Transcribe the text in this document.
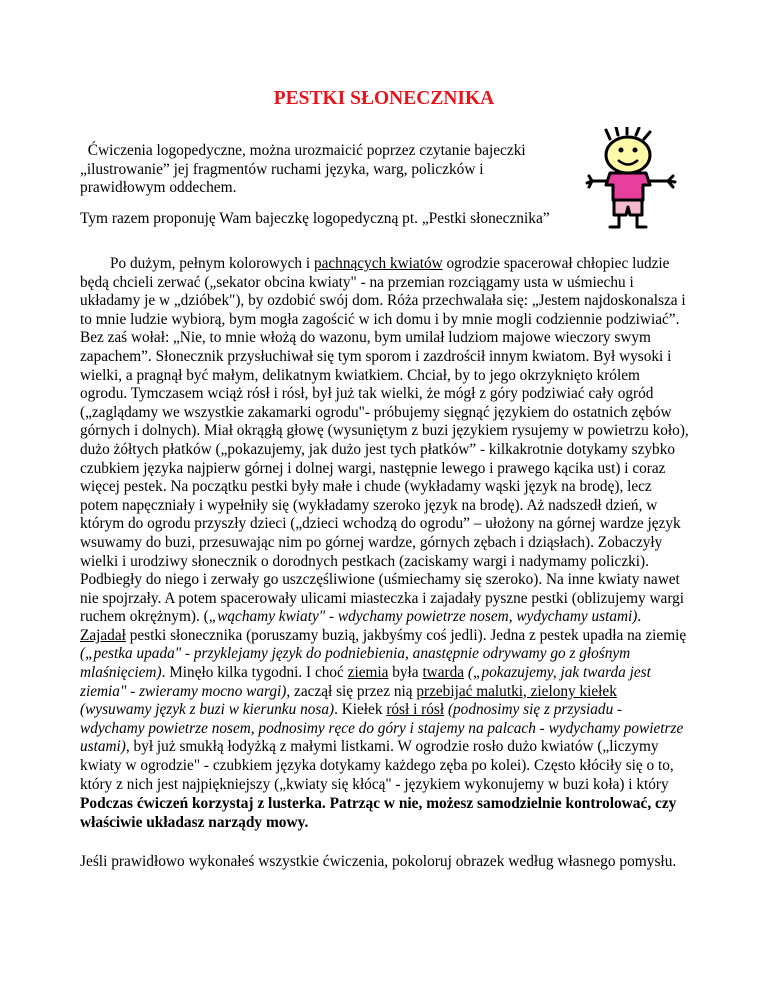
PESTKI SŁONECZNIKA

Ćwiczenia logopedyczne, można urozmaicić poprzez czytanie bajeczki „ilustrowanie” jej fragmentów ruchami języka, warg, policzków i prawidłowym oddechem.

Tym razem proponuję Wam bajeczkę logopedyczną pt. „Pestki słonecznika”

Po dużym, pełnym kolorowych i pachnących kwiatów ogrodzie spacerował chłopiec ludzie będą chcieli zerwać („sekator obcina kwiaty" - na przemian rozciągamy usta w uśmiechu i układamy je w „dzióbek"), by ozdobić swój dom. Róża przechwalała się: „Jestem najdoskonalsza i to mnie ludzie wybiorą, bym mogła zagościć w ich domu i by mnie mogli codziennie podziwiać”. Bez zaś wołał: „Nie, to mnie włożą do wazonu, bym umilał ludziom majowe wieczory swym zapachem”. Słonecznik przysłuchiwał się tym sporom i zazdrościł innym kwiatom. Był wysoki i wielki, a pragnął być małym, delikatnym kwiatkiem. Chciał, by to jego okrzyknięto królem ogrodu. Tymczasem wciąż rósł i rósł, był już tak wielki, że mógł z góry podziwiać cały ogród („zaglądamy we wszystkie zakamarki ogrodu"- próbujemy sięgnąć językiem do ostatnich zębów górnych i dolnych). Miał okrągłą głowę (wysuniętym z buzi językiem rysujemy w powietrzu koło), dużo żółtych płatków („pokazujemy, jak dużo jest tych płatków” - kilkakrotnie dotykamy szybko czubkiem języka najpierw górnej i dolnej wargi, następnie lewego i prawego kącika ust) i coraz więcej pestek. Na początku pestki były małe i chude (wykładamy wąski język na brodę), lecz potem napęczniały i wypełniły się (wykładamy szeroko język na brodę). Aż nadszedł dzień, w którym do ogrodu przyszły dzieci („dzieci wchodzą do ogrodu” – ułożony na górnej wardze język wsuwamy do buzi, przesuwając nim po górnej wardze, górnych zębach i dziąsłach). Zobaczyły wielki i urodziwy słonecznik o dorodnych pestkach (zaciskamy wargi i nadymamy policzki). Podbiegły do niego i zerwały go uszczęśliwione (uśmiechamy się szeroko). Na inne kwiaty nawet nie spojrzały. A potem spacerowały ulicami miasteczka i zajadały pyszne pestki (oblizujemy wargi ruchem okrężnym). („wąchamy kwiaty" - wdychamy powietrze nosem, wydychamy ustami). Zajadał pestki słonecznika (poruszamy buzią, jakbyśmy coś jedli). Jedna z pestek upadła na ziemię („pestka upada" - przyklejamy język do podniebienia, anastępnie odrywamy go z głośnym mlaśnięciem). Minęło kilka tygodni. I choć ziemia była twarda („pokazujemy, jak twarda jest ziemia" - zwieramy mocno wargi), zaczął się przez nią przebijać malutki, zielony kiełek (wysuwamy język z buzi w kierunku nosa). Kiełek rósł i rósł (podnosimy się z przysiadu - wdychamy powietrze nosem, podnosimy ręce do góry i stajemy na palcach - wydychamy powietrze ustami), był już smukłą łodyżką z małymi listkami. W ogrodzie rosło dużo kwiatów („liczymy kwiaty w ogrodzie" - czubkiem języka dotykamy każdego zęba po kolei). Często kłóciły się o to, który z nich jest najpiękniejszy („kwiaty się kłócą" - językiem wykonujemy w buzi koła) i który

Podczas ćwiczeń korzystaj z lusterka. Patrząc w nie, możesz samodzielnie kontrolować, czy właściwie układasz narządy mowy.

Jeśli prawidłowo wykonałeś wszystkie ćwiczenia, pokoloruj obrazek według własnego pomysłu.
